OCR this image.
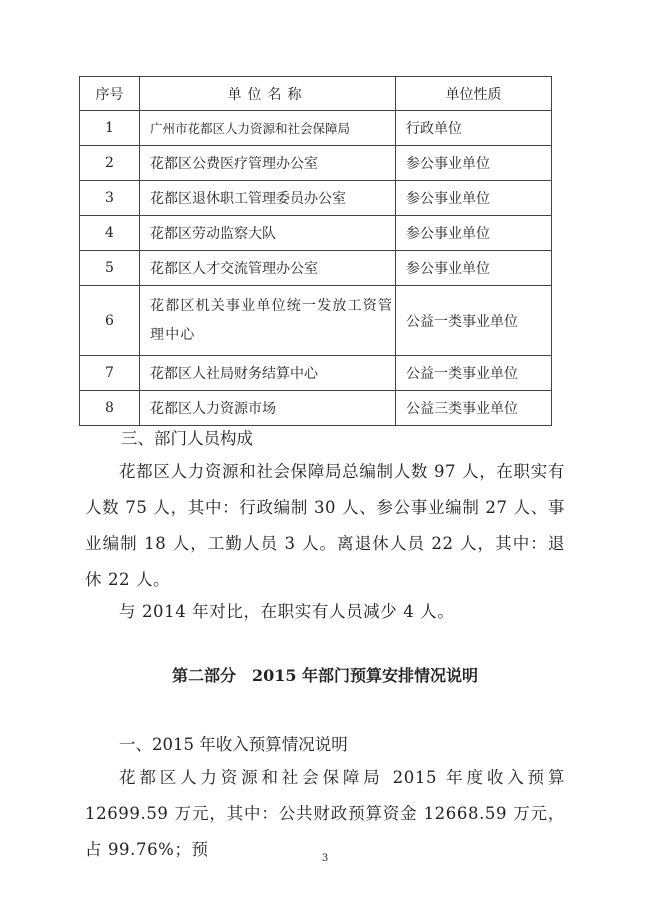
序号	单位名称	单位性质
1	广州市花都区人力资源和社会保障局	行政单位
2	花都区公费医疗管理办公室	参公事业单位
3	花都区退休职工管理委员办公室	参公事业单位
4	花都区劳动监察大队	参公事业单位
5	花都区人才交流管理办公室	参公事业单位
6	花都区机关事业单位统一发放工资管理中心	公益一类事业单位
7	花都区人社局财务结算中心	公益一类事业单位
8	花都区人力资源市场	公益三类事业单位
三、部门人员构成
花都区人力资源和社会保障局总编制人数 97 人，在职实有人数 75 人，其中：行政编制 30 人、参公事业编制 27 人、事业编制 18 人，工勤人员 3 人。离退休人员 22 人，其中：退休 22 人。
与 2014 年对比，在职实有人员减少 4 人。
第二部分　2015 年部门预算安排情况说明
一、2015 年收入预算情况说明
花都区人力资源和社会保障局 2015 年度收入预算 12699.59 万元，其中：公共财政预算资金 12668.59 万元，占 99.76%；预	3
